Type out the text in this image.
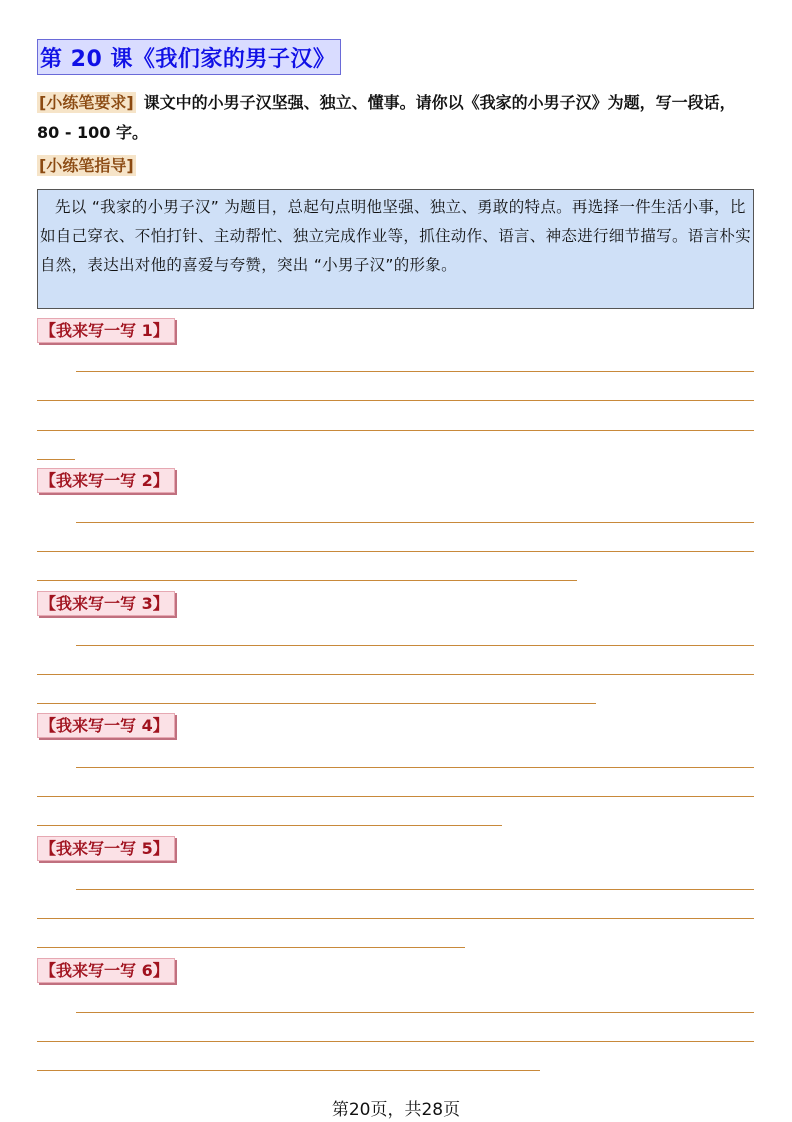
第 20 课《我们家的男子汉》
[小练笔要求] 课文中的小男子汉坚强、独立、懂事。请你以《我家的小男子汉》为题，写一段话，80 - 100 字。
[小练笔指导]
先以 “我家的小男子汉” 为题目，总起句点明他坚强、独立、勇敢的特点。再选择一件生活小事，比如自己穿衣、不怕打针、主动帮忙、独立完成作业等，抓住动作、语言、神态进行细节描写。语言朴实自然，表达出对他的喜爱与夸赞，突出 “小男子汉”的形象。
【我来写一写 1】
【我来写一写 2】
【我来写一写 3】
【我来写一写 4】
【我来写一写 5】
【我来写一写 6】
第20页，共28页
